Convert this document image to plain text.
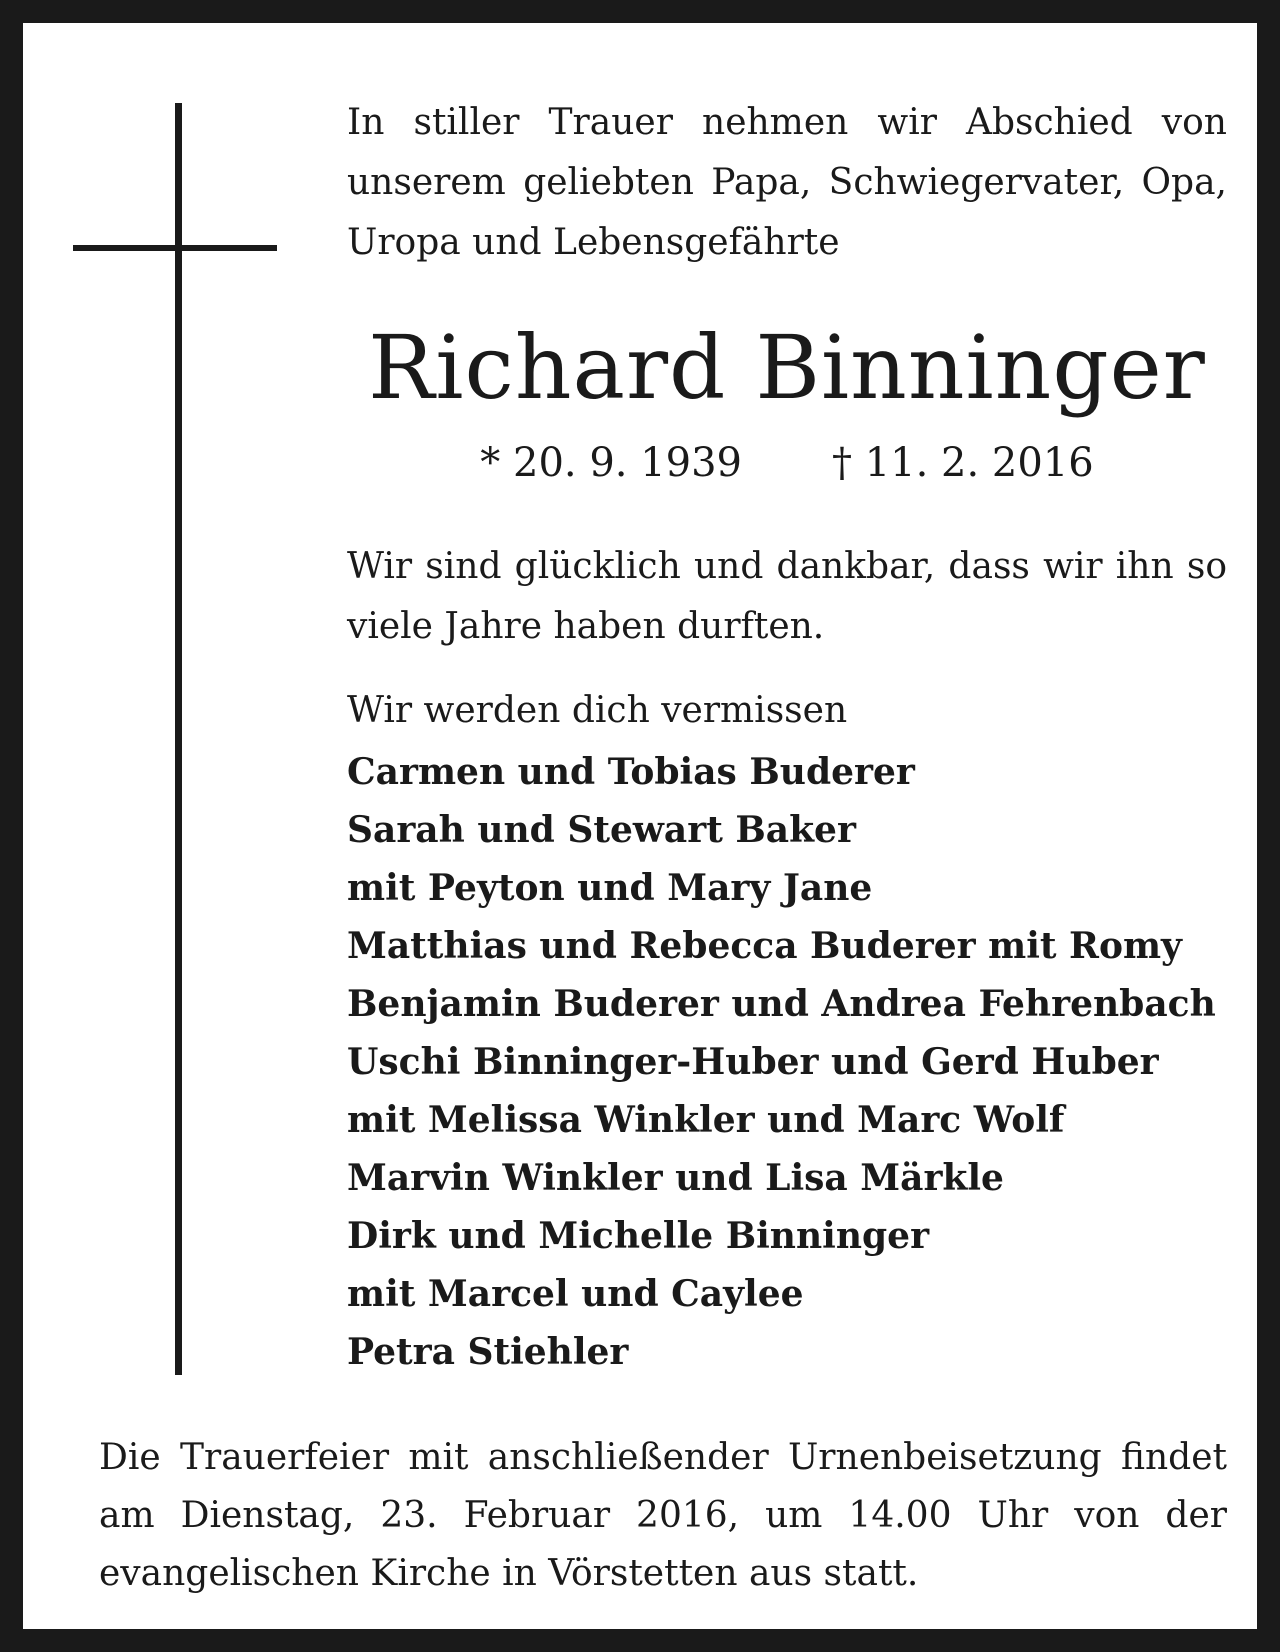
In stiller Trauer nehmen wir Abschied von
unserem geliebten Papa, Schwiegervater, Opa,
Uropa und Lebensgefährte

Richard Binninger
* 20. 9. 1939 † 11. 2. 2016

Wir sind glücklich und dankbar, dass wir ihn so
viele Jahre haben durften.

Wir werden dich vermissen

Carmen und Tobias Buderer
Sarah und Stewart Baker
mit Peyton und Mary Jane
Matthias und Rebecca Buderer mit Romy
Benjamin Buderer und Andrea Fehrenbach
Uschi Binninger-Huber und Gerd Huber
mit Melissa Winkler und Marc Wolf
Marvin Winkler und Lisa Märkle
Dirk und Michelle Binninger
mit Marcel und Caylee
Petra Stiehler

Die Trauerfeier mit anschließender Urnenbeisetzung findet
am Dienstag, 23. Februar 2016, um 14.00 Uhr von der
evangelischen Kirche in Vörstetten aus statt.
